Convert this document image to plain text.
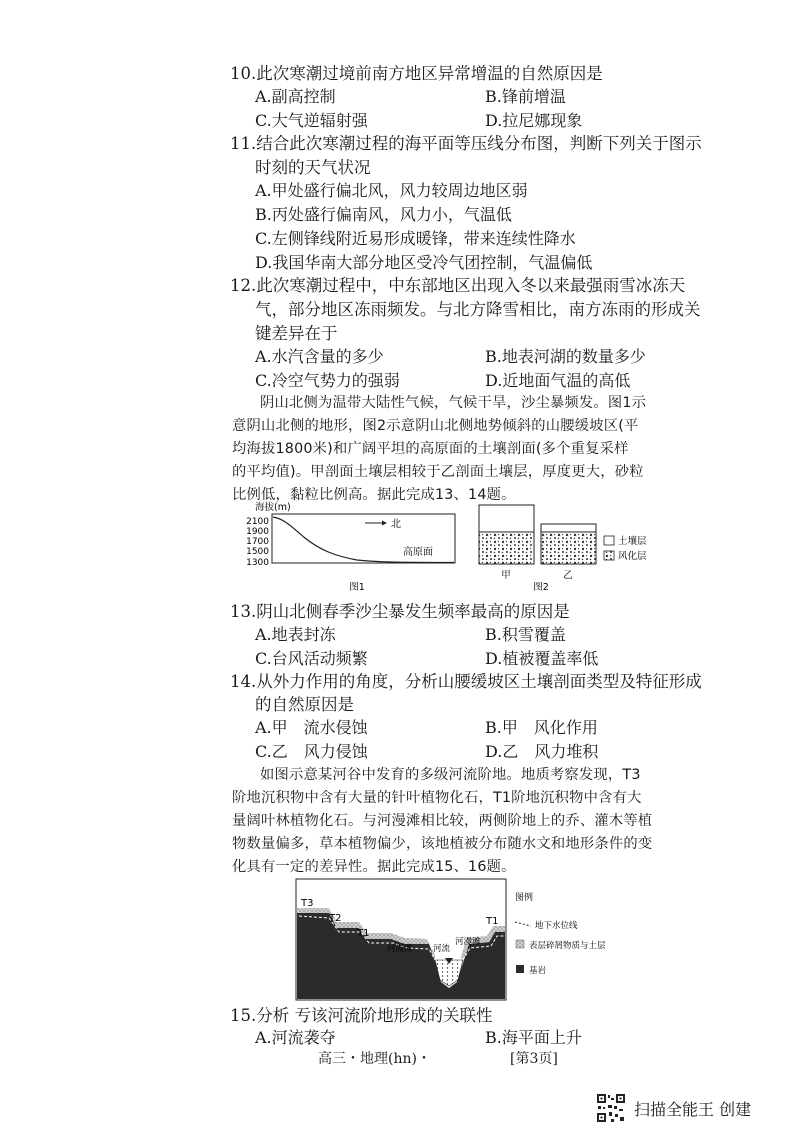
10.此次寒潮过境前南方地区异常增温的自然原因是
A.副高控制	B.锋前增温
C.大气逆辐射强	D.拉尼娜现象
11.结合此次寒潮过程的海平面等压线分布图，判断下列关于图示
时刻的天气状况
A.甲处盛行偏北风，风力较周边地区弱
B.丙处盛行偏南风，风力小，气温低
C.左侧锋线附近易形成暖锋，带来连续性降水
D.我国华南大部分地区受冷气团控制，气温偏低
12.此次寒潮过程中，中东部地区出现入冬以来最强雨雪冰冻天
气，部分地区冻雨频发。与北方降雪相比，南方冻雨的形成关
键差异在于
A.水汽含量的多少	B.地表河湖的数量多少
C.冷空气势力的强弱	D.近地面气温的高低
阴山北侧为温带大陆性气候，气候干旱，沙尘暴频发。图1示
意阴山北侧的地形，图2示意阴山北侧地势倾斜的山腰缓坡区(平
均海拔1800米)和广阔平坦的高原面的土壤剖面(多个重复采样
的平均值)。甲剖面土壤层相较于乙剖面土壤层，厚度更大，砂粒
比例低，黏粒比例高。据此完成13、14题。
海拔(m)
2100
1900
1700
1500
1300
北
高原面
图1
甲	乙
图2
土壤层
风化层
13.阴山北侧春季沙尘暴发生频率最高的原因是
A.地表封冻	B.积雪覆盖
C.台风活动频繁	D.植被覆盖率低
14.从外力作用的角度，分析山腰缓坡区土壤剖面类型及特征形成
的自然原因是
A.甲　流水侵蚀	B.甲　风化作用
C.乙　风力侵蚀	D.乙　风力堆积
如图示意某河谷中发育的多级河流阶地。地质考察发现，T3
阶地沉积物中含有大量的针叶植物化石，T1阶地沉积物中含有大
量阔叶林植物化石。与河漫滩相比较，两侧阶地上的乔、灌木等植
物数量偏多，草本植物偏少，该地植被分布随水文和地形条件的变
化具有一定的差异性。据此完成15、16题。
T3
T2
T1
T1
河漫滩 河流
河漫滩
图例
地下水位线
表层碎屑物质与土层
基岩
15.分析 亐该河流阶地形成的关联性
A.河流袭夺	B.海平面上升
高三・地理(hn)・	[第3页]
扫描全能王 创建
